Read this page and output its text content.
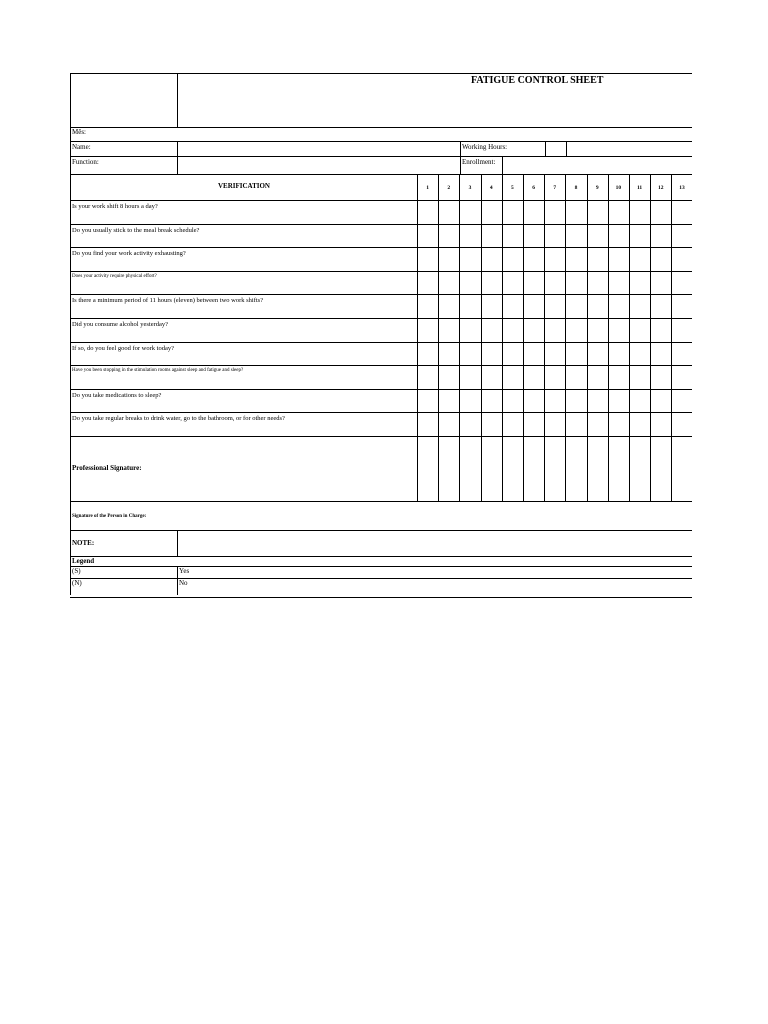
FATIGUE CONTROL SHEET
Mês:
Name:	Working Hours:
Function:	Enrollment:
VERIFICATION	1	2	3	4	5	6	7	8	9	10	11	12	13
Is your work shift 8 hours a day?
Do you usually stick to the meal break schedule?
Do you find your work activity exhausting?
Does your activity require physical effort?
Is there a minimum period of 11 hours (eleven) between two work shifts?
Did you consume alcohol yesterday?
If so, do you feel good for work today?
Have you been stopping in the stimulation rooms against sleep and fatigue and sleep?
Do you take medications to sleep?
Do you take regular breaks to drink water, go to the bathroom, or for other needs?
Professional Signature:
Signature of the Person in Charge:
NOTE:
Legend
(S)	Yes
(N)	No
